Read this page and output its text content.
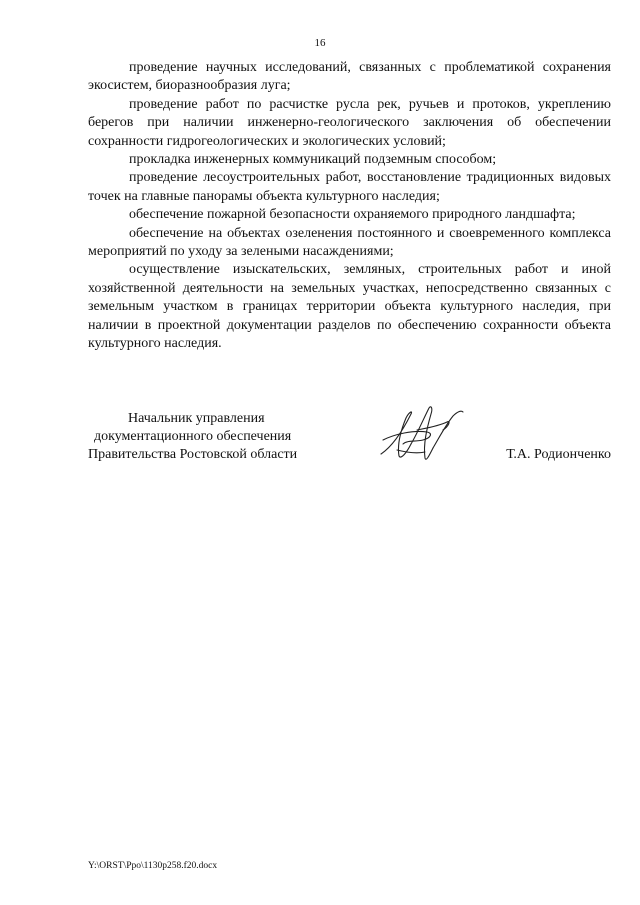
16

проведение научных исследований, связанных с проблематикой сохранения экосистем, биоразнообразия луга;

проведение работ по расчистке русла рек, ручьев и протоков, укреплению берегов при наличии инженерно-геологического заключения об обеспечении сохранности гидрогеологических и экологических условий;

прокладка инженерных коммуникаций подземным способом;

проведение лесоустроительных работ, восстановление традиционных видовых точек на главные панорамы объекта культурного наследия;

обеспечение пожарной безопасности охраняемого природного ландшафта;

обеспечение на объектах озеленения постоянного и своевременного комплекса мероприятий по уходу за зелеными насаждениями;

осуществление изыскательских, земляных, строительных работ и иной хозяйственной деятельности на земельных участках, непосредственно связанных с земельным участком в границах территории объекта культурного наследия, при наличии в проектной документации разделов по обеспечению сохранности объекта культурного наследия.

Начальник управления
документационного обеспечения
Правительства Ростовской области	Т.А. Родионченко
Y:\ORST\Ppo\1130p258.f20.docx
